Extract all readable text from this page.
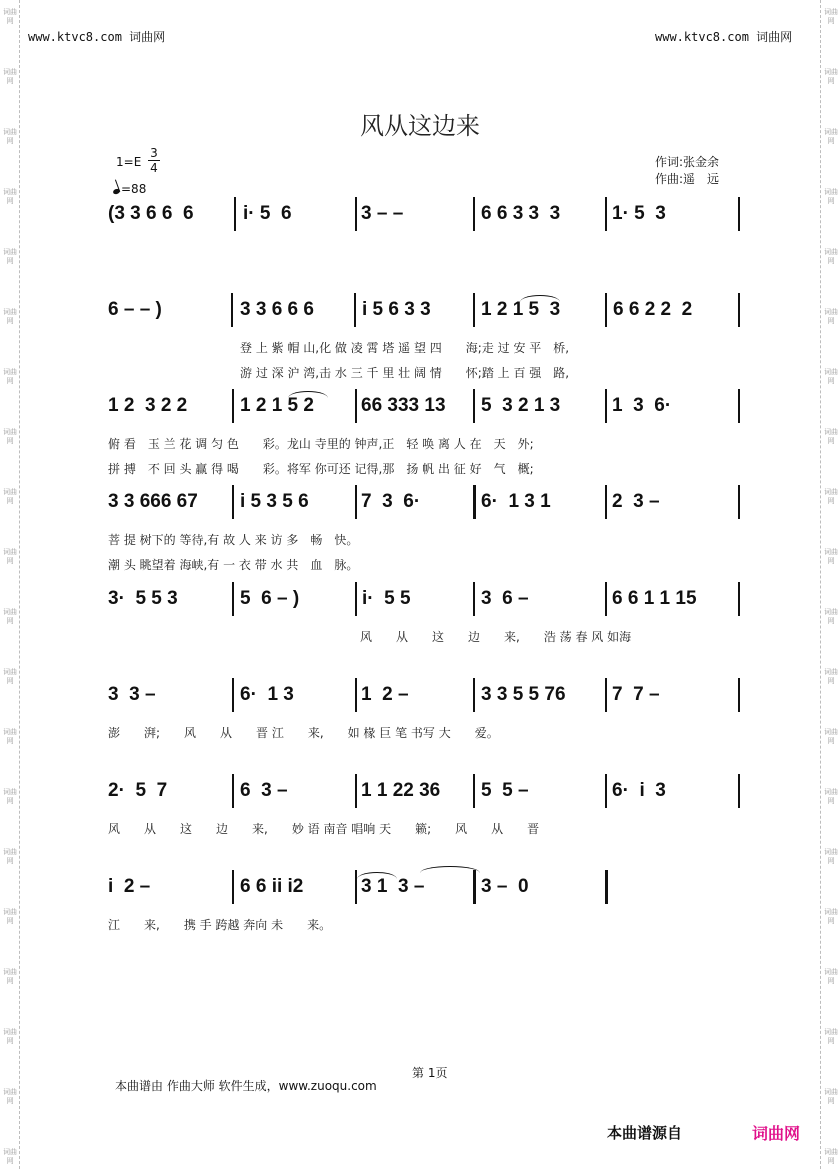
词曲网
词曲网
词曲网
词曲网
词曲网
词曲网
词曲网
词曲网
词曲网
词曲网
词曲网
词曲网
词曲网
词曲网
词曲网
词曲网
词曲网
词曲网
词曲网
词曲网
词曲网
词曲网
词曲网
词曲网
词曲网
词曲网
词曲网
词曲网
词曲网
词曲网
词曲网
词曲网
词曲网
词曲网
词曲网
词曲网
词曲网
词曲网
词曲网
词曲网
www.ktvc8.com 词曲网	www.ktvc8.com 词曲网
风从这边来
1=E
3
4
=88
作词:张金余
作曲:遥　远
(3 3 6 6  6	i· 5  6	3 – –	6 6 3 3  3	1· 5  3
6 – – )	3 3 6 6 6	i 5 6 3 3	1 2 1 5  3	6 6 2 2  2
登 上 紫 帽 山,化 做 凌 霄 塔 遥 望 四　　海;走 过 安 平　桥,
游 过 深 沪 湾,击 水 三 千 里 壮 阔 情　　怀;踏 上 百 强　路,
1 2  3 2 2	1 2 1 5 2 66 333 13 5  3 2 1 3	1  3  6·
俯 看　玉 兰 花 调 匀 色　　彩。龙山 寺里的 钟声,正　轻 唤 离 人 在　天　外;
拼 搏　不 回 头 赢 得 喝　　彩。将军 你可还 记得,那　扬 帆 出 征 好　气　概;
3 3 666 67 i 5 3 5 6	7  3  6·	6·  1 3 1	2  3 –
菩 提 树下的 等待,有 故 人 来 访 多　畅　快。
潮 头 眺望着 海峡,有 一 衣 带 水 共　血　脉。
3·  5 5 3	5  6 – )	i·  5 5	3  6 –	6 6 1 1 15
风　　从　　这　　边　　来,　　浩 荡 春 风 如海
3  3 –	6·  1 3	1  2 –	3 3 5 5 76 7  7 –
澎　　湃;　　风　　从　　晋 江　　来,　　如 椽 巨 笔 书写 大　　爱。
2·  5  7	6  3 –	1 1 22 36 5  5 –	6·  i  3
风　　从　　这　　边　　来,　　妙 语 南音 唱响 天　　籁;　　风　　从　　晋
i  2 –	6 6 ii i2	3 1  3 –	3 –  0
江　　来,　　携 手 跨越 奔向 未　　来。
第 1页
本曲谱由 作曲大师 软件生成，www.zuoqu.com
本曲谱源自	词曲网
